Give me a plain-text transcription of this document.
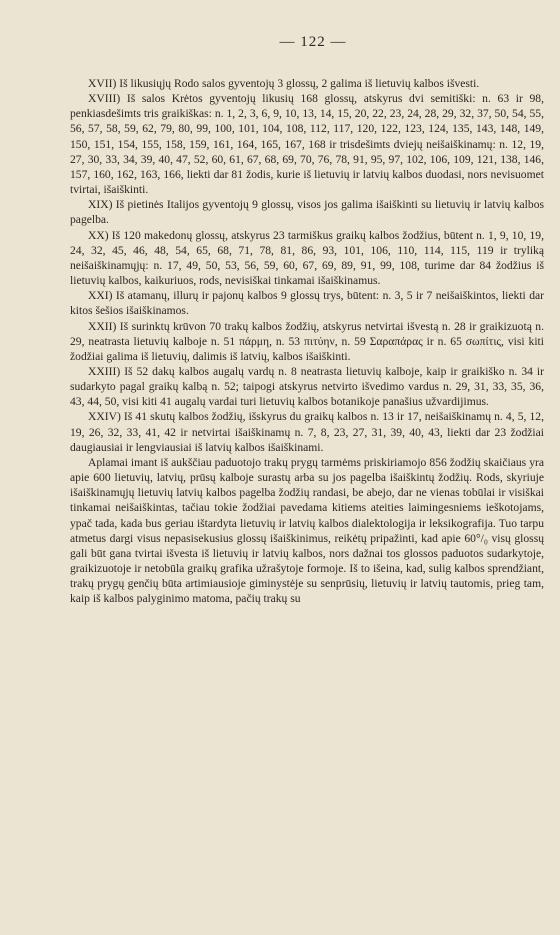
— 122 —

XVII) Iš likusiųjų Rodo salos gyventojų 3 glossų, 2 galima iš lietuvių kalbos išvesti.

XVIII) Iš salos Krėtos gyventojų likusių 168 glossų, atskyrus dvi semitiški: n. 63 ir 98, penkiasdešimts tris graikiškas: n. 1, 2, 3, 6, 9, 10, 13, 14, 15, 20, 22, 23, 24, 28, 29, 32, 37, 50, 54, 55, 56, 57, 58, 59, 62, 79, 80, 99, 100, 101, 104, 108, 112, 117, 120, 122, 123, 124, 135, 143, 148, 149, 150, 151, 154, 155, 158, 159, 161, 164, 165, 167, 168 ir trisdešimts dviejų neišaiškinamų: n. 12, 19, 27, 30, 33, 34, 39, 40, 47, 52, 60, 61, 67, 68, 69, 70, 76, 78, 91, 95, 97, 102, 106, 109, 121, 138, 146, 157, 160, 162, 163, 166, liekti dar 81 žodis, kurie iš lietuvių ir latvių kalbos duodasi, nors nevisuomet tvirtai, išaiškinti.

XIX) Iš pietinės Italijos gyventojų 9 glossų, visos jos galima išaiškinti su lietuvių ir latvių kalbos pagelba.

XX) Iš 120 makedonų glossų, atskyrus 23 tarmiškus graikų kalbos žodžius, būtent n. 1, 9, 10, 19, 24, 32, 45, 46, 48, 54, 65, 68, 71, 78, 81, 86, 93, 101, 106, 110, 114, 115, 119 ir tryliką neišaiškinamųjų: n. 17, 49, 50, 53, 56, 59, 60, 67, 69, 89, 91, 99, 108, turime dar 84 žodžius iš lietuvių kalbos, kaikuriuos, rods, nevisiškai tinkamai išaiškinamus.

XXI) Iš atamanų, illurų ir pajonų kalbos 9 glossų trys, būtent: n. 3, 5 ir 7 neišaiškintos, liekti dar kitos šešios išaiškinamos.

XXII) Iš surinktų krūvon 70 trakų kalbos žodžių, atskyrus netvirtai išvestą n. 28 ir graikizuotą n. 29, neatrasta lietuvių kalboje n. 51 πάρμη, n. 53 πιτύην, n. 59 Σαραπάρας ir n. 65 σωπίτις, visi kiti žodžiai galima iš lietuvių, dalimis iš latvių, kalbos išaiškinti.

XXIII) Iš 52 dakų kalbos augalų vardų n. 8 neatrasta lietuvių kalboje, kaip ir graikiško n. 34 ir sudarkyto pagal graikų kalbą n. 52; taipogi atskyrus netvirto išvedimo vardus n. 29, 31, 33, 35, 36, 43, 44, 50, visi kiti 41 augalų vardai turi lietuvių kalbos botanikoje panašius užvardijimus.

XXIV) Iš 41 skutų kalbos žodžių, išskyrus du graikų kalbos n. 13 ir 17, neišaiškinamų n. 4, 5, 12, 19, 26, 32, 33, 41, 42 ir netvirtai išaiškinamų n. 7, 8, 23, 27, 31, 39, 40, 43, liekti dar 23 žodžiai daugiausiai ir lengviausiai iš latvių kalbos išaiškinami.

Aplamai imant iš aukščiau paduotojo trakų prygų tarmėms priskiriamojo 856 žodžių skaičiaus yra apie 600 lietuvių, latvių, prūsų kalboje surastų arba su jos pagelba išaiškintų žodžių. Rods, skyriuje išaiškinamųjų lietuvių latvių kalbos pagelba žodžių randasi, be abejo, dar ne vienas tobūlai ir visiškai tinkamai neišaiškintas, tačiau tokie žodžiai pavedama kitiems ateities laimingesniems ieškotojams, ypač tada, kada bus geriau ištardyta lietuvių ir latvių kalbos dialektologija ir leksikografija. Tuo tarpu atmetus dargi visus nepasisekusius glossų išaiškinimus, reikėtų pripažinti, kad apie 60°/₀ visų glossų gali būt gana tvirtai išvesta iš lietuvių ir latvių kalbos, nors dažnai tos glossos paduotos sudarkytoje, graikizuotoje ir netobūla graikų grafika užrašytoje formoje. Iš to išeina, kad, sulig kalbos sprendžiant, trakų prygų genčių būta artimiausioje giminystėje su senprūsių, lietuvių ir latvių tautomis, prieg tam, kaip iš kalbos palyginimo matoma, pačių trakų su
